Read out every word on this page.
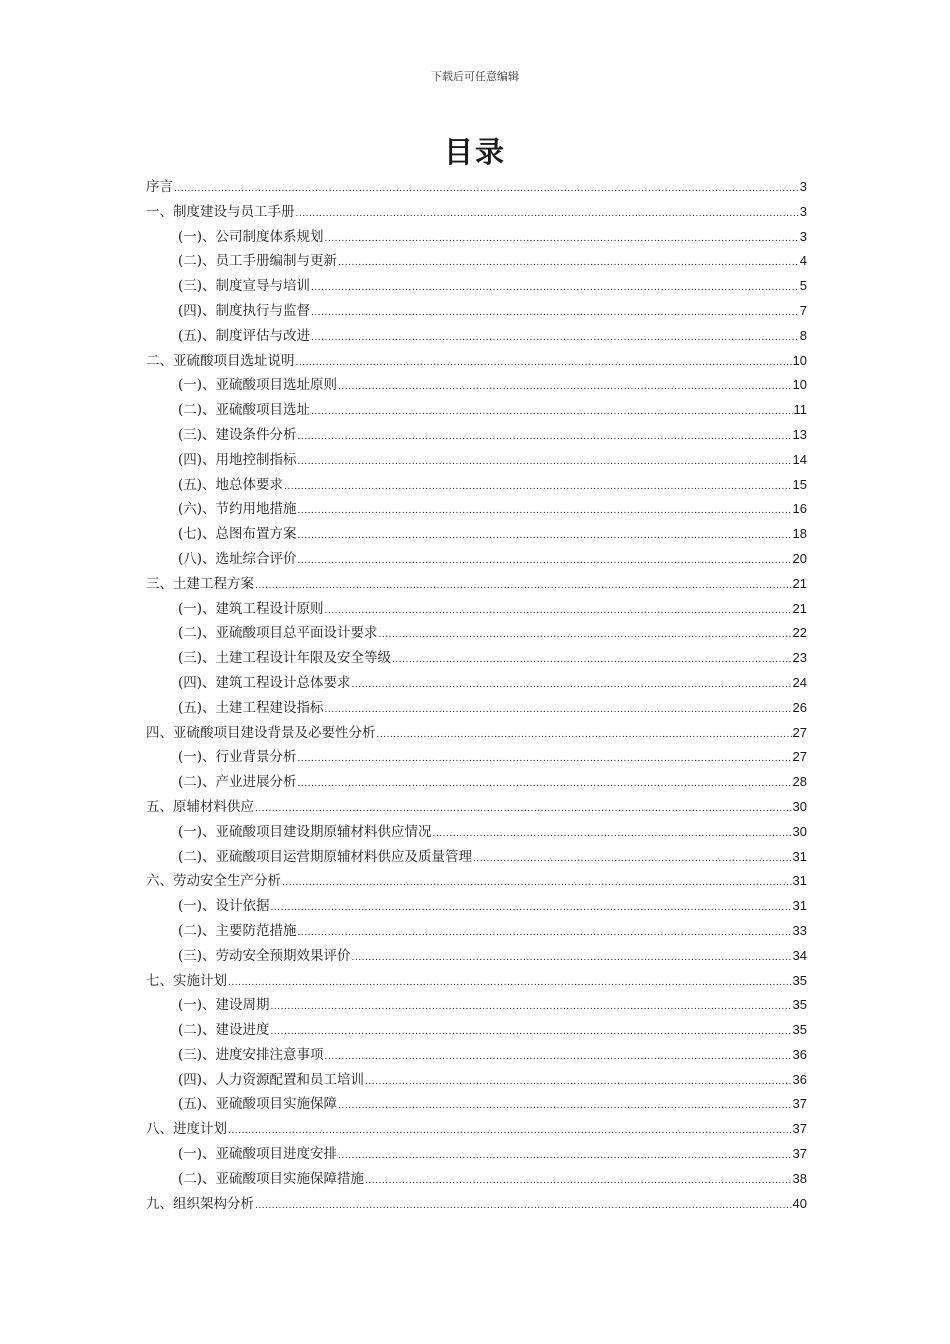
下载后可任意编辑
目录
序言 .....	3
一、制度建设与员工手册 .....	3
(一)、公司制度体系规划 .....	3
(二)、员工手册编制与更新 .....	4
(三)、制度宣导与培训 .....	5
(四)、制度执行与监督 .....	7
(五)、制度评估与改进 .....	8
二、亚硫酸项目选址说明 .....	10
(一)、亚硫酸项目选址原则 .....	10
(二)、亚硫酸项目选址 .....	11
(三)、建设条件分析 .....	13
(四)、用地控制指标 .....	14
(五)、地总体要求 .....	15
(六)、节约用地措施 .....	16
(七)、总图布置方案 .....	18
(八)、选址综合评价 .....	20
三、土建工程方案 .....	21
(一)、建筑工程设计原则 .....	21
(二)、亚硫酸项目总平面设计要求 .....	22
(三)、土建工程设计年限及安全等级 .....	23
(四)、建筑工程设计总体要求 .....	24
(五)、土建工程建设指标 .....	26
四、亚硫酸项目建设背景及必要性分析 .....	27
(一)、行业背景分析 .....	27
(二)、产业进展分析 .....	28
五、原辅材料供应 .....	30
(一)、亚硫酸项目建设期原辅材料供应情况 .....	30
(二)、亚硫酸项目运营期原辅材料供应及质量管理 .....	31
六、劳动安全生产分析 .....	31
(一)、设计依据 .....	31
(二)、主要防范措施 .....	33
(三)、劳动安全预期效果评价 .....	34
七、实施计划 .....	35
(一)、建设周期 .....	35
(二)、建设进度 .....	35
(三)、进度安排注意事项 .....	36
(四)、人力资源配置和员工培训 .....	36
(五)、亚硫酸项目实施保障 .....	37
八、进度计划 .....	37
(一)、亚硫酸项目进度安排 .....	37
(二)、亚硫酸项目实施保障措施 .....	38
九、组织架构分析 .....	40
